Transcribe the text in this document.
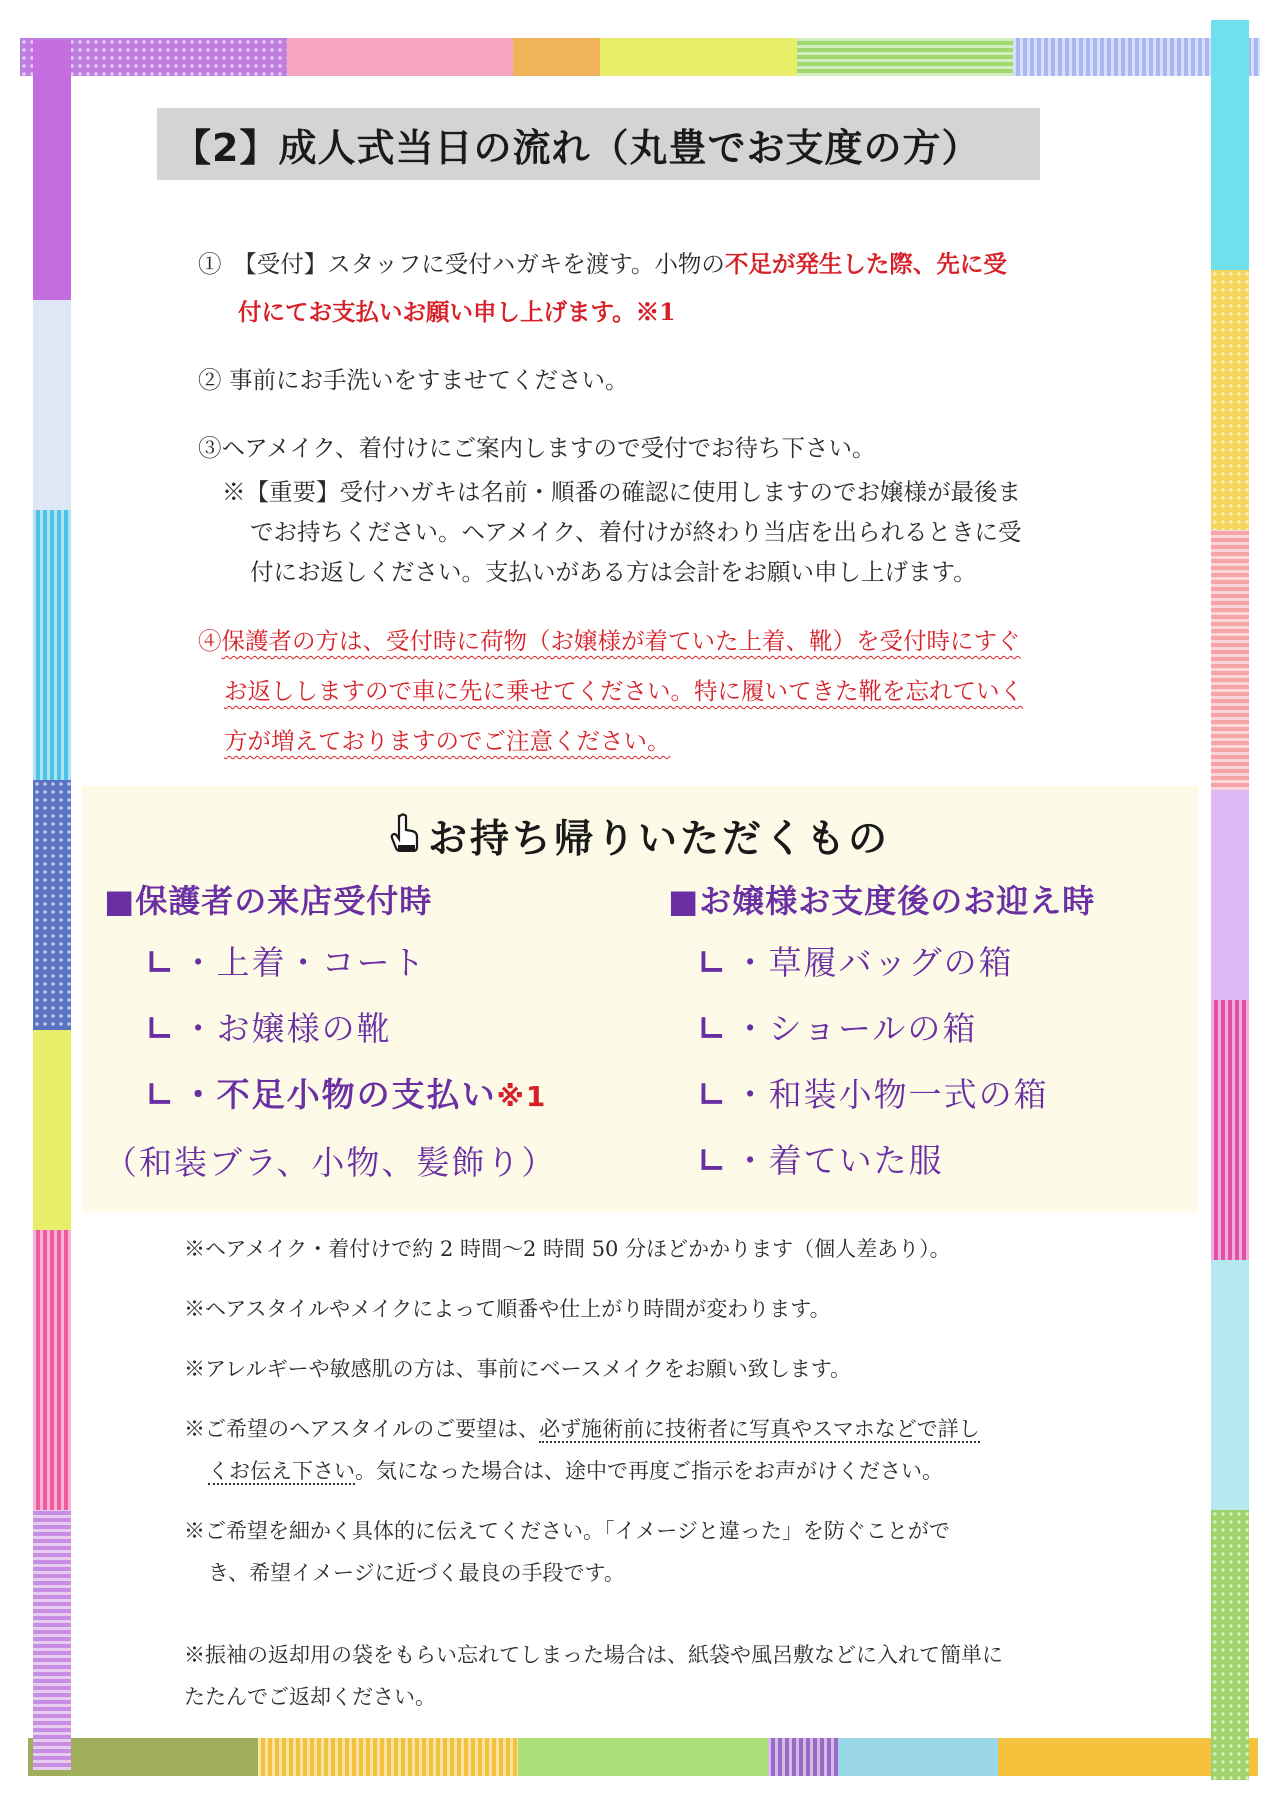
【2】成人式当日の流れ（丸豊でお支度の方）

①　【受付】スタッフに受付ハガキを渡す。小物の不足が発生した際、先に受

付にてお支払いお願い申し上げます。※1

② 事前にお手洗いをすませてください。

③ヘアメイク、着付けにご案内しますので受付でお待ち下さい。

※【重要】受付ハガキは名前・順番の確認に使用しますのでお嬢様が最後ま

でお持ちください。ヘアメイク、着付けが終わり当店を出られるときに受

付にお返しください。支払いがある方は会計をお願い申し上げます。

④保護者の方は、受付時に荷物（お嬢様が着ていた上着、靴）を受付時にすぐ

お返ししますので車に先に乗せてください。特に履いてきた靴を忘れていく

方が増えておりますのでご注意ください。

お持ち帰りいただくもの
■保護者の来店受付時
∟ ・上着・コート
∟ ・お嬢様の靴
∟ ・不足小物の支払い※1
（和装ブラ、小物、髪飾り）
■お嬢様お支度後のお迎え時
∟ ・草履バッグの箱
∟ ・ショールの箱
∟ ・和装小物一式の箱
∟ ・着ていた服

※ヘアメイク・着付けで約 2 時間〜2 時間 50 分ほどかかります（個人差あり）。

※ヘアスタイルやメイクによって順番や仕上がり時間が変わります。

※アレルギーや敏感肌の方は、事前にベースメイクをお願い致します。

※ご希望のヘアスタイルのご要望は、必ず施術前に技術者に写真やスマホなどで詳し

くお伝え下さい。気になった場合は、途中で再度ご指示をお声がけください。

※ご希望を細かく具体的に伝えてください。「イメージと違った」を防ぐことがで

き、希望イメージに近づく最良の手段です。

※振袖の返却用の袋をもらい忘れてしまった場合は、紙袋や風呂敷などに入れて簡単に

たたんでご返却ください。
